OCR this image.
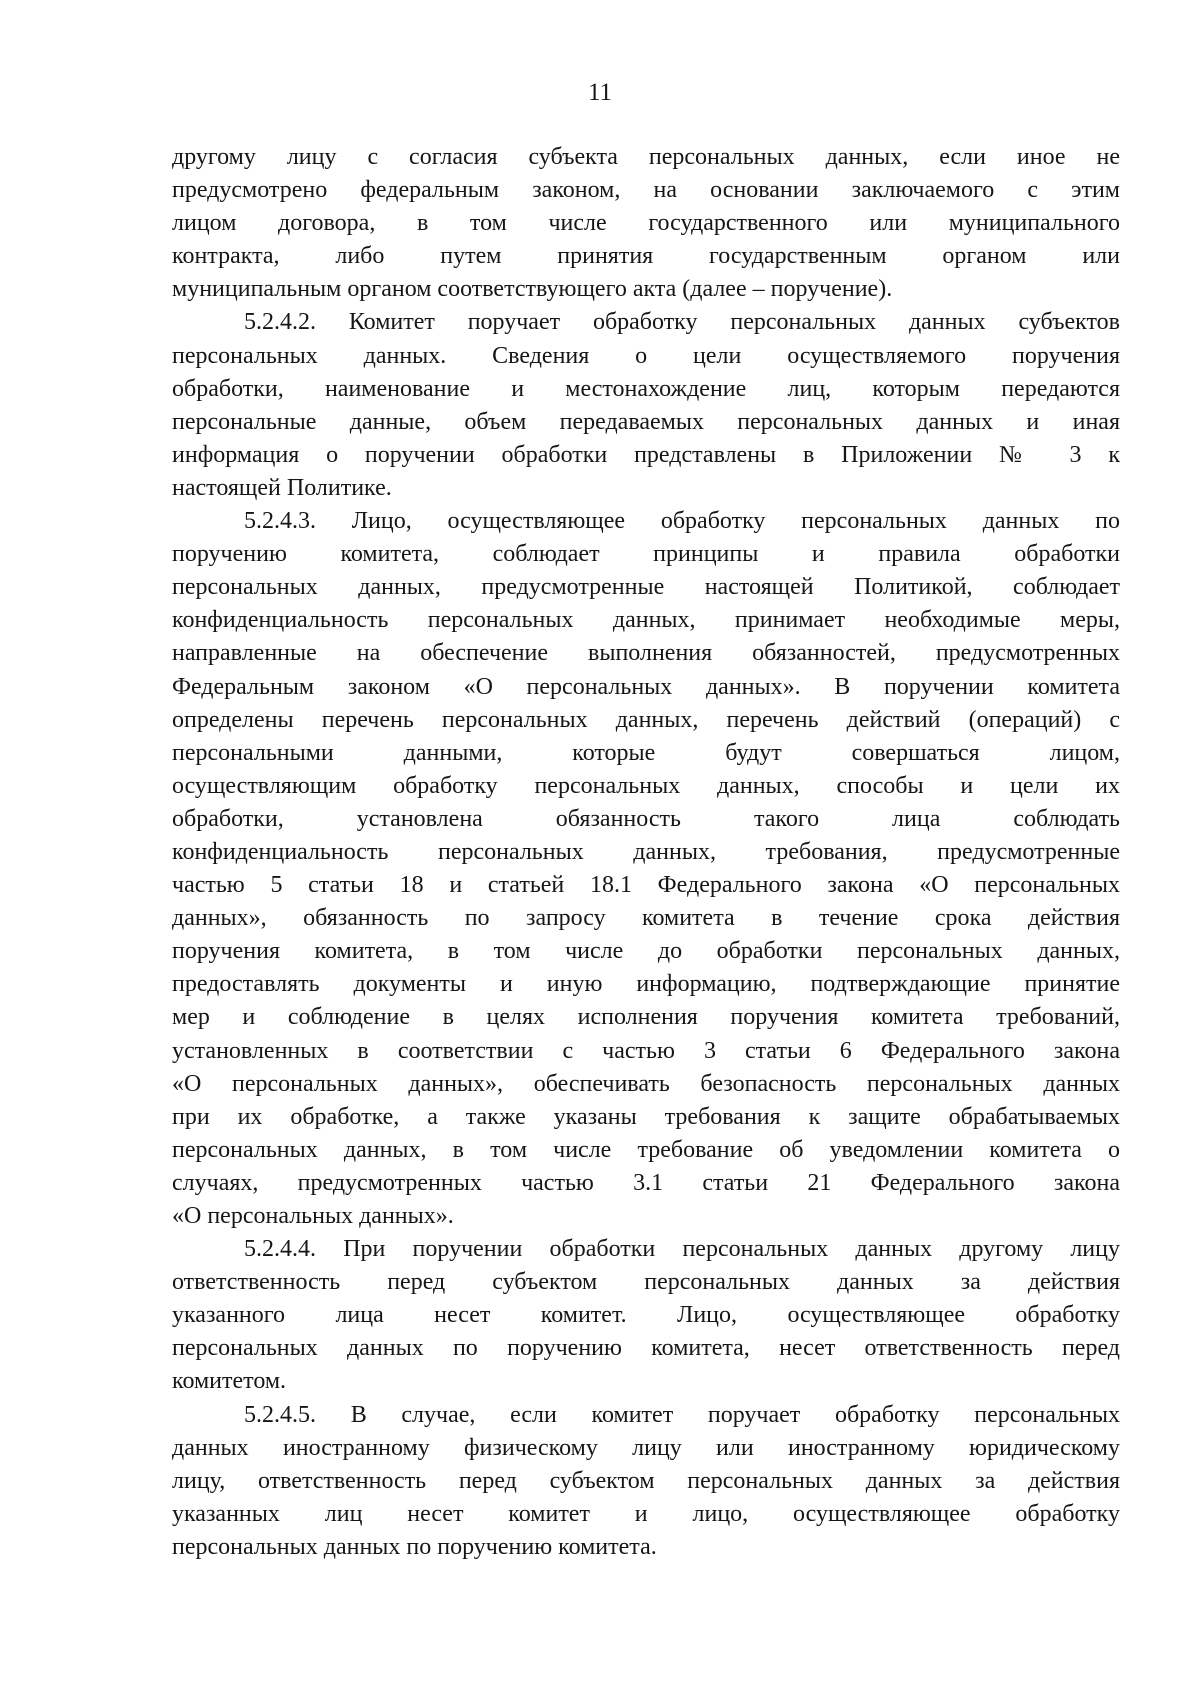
11

другому лицу с согласия субъекта персональных данных, если иное не
предусмотрено федеральным законом, на основании заключаемого с этим
лицом договора, в том числе государственного или муниципального
контракта, либо путем принятия государственным органом или
муниципальным органом соответствующего акта (далее – поручение).

5.2.4.2. Комитет поручает обработку персональных данных субъектов
персональных данных. Сведения о цели осуществляемого поручения
обработки, наименование и местонахождение лиц, которым передаются
персональные данные, объем передаваемых персональных данных и иная
информация о поручении обработки представлены в Приложении № 3 к
настоящей Политике.

5.2.4.3. Лицо, осуществляющее обработку персональных данных по
поручению комитета, соблюдает принципы и правила обработки
персональных данных, предусмотренные настоящей Политикой, соблюдает
конфиденциальность персональных данных, принимает необходимые меры,
направленные на обеспечение выполнения обязанностей, предусмотренных
Федеральным законом «О персональных данных». В поручении комитета
определены перечень персональных данных, перечень действий (операций) с
персональными данными, которые будут совершаться лицом,
осуществляющим обработку персональных данных, способы и цели их
обработки, установлена обязанность такого лица соблюдать
конфиденциальность персональных данных, требования, предусмотренные
частью 5 статьи 18 и статьей 18.1 Федерального закона «О персональных
данных», обязанность по запросу комитета в течение срока действия
поручения комитета, в том числе до обработки персональных данных,
предоставлять документы и иную информацию, подтверждающие принятие
мер и соблюдение в целях исполнения поручения комитета требований,
установленных в соответствии с частью 3 статьи 6 Федерального закона
«О персональных данных», обеспечивать безопасность персональных данных
при их обработке, а также указаны требования к защите обрабатываемых
персональных данных, в том числе требование об уведомлении комитета о
случаях, предусмотренных частью 3.1 статьи 21 Федерального закона
«О персональных данных».

5.2.4.4. При поручении обработки персональных данных другому лицу
ответственность перед субъектом персональных данных за действия
указанного лица несет комитет. Лицо, осуществляющее обработку
персональных данных по поручению комитета, несет ответственность перед
комитетом.

5.2.4.5. В случае, если комитет поручает обработку персональных
данных иностранному физическому лицу или иностранному юридическому
лицу, ответственность перед субъектом персональных данных за действия
указанных лиц несет комитет и лицо, осуществляющее обработку
персональных данных по поручению комитета.
